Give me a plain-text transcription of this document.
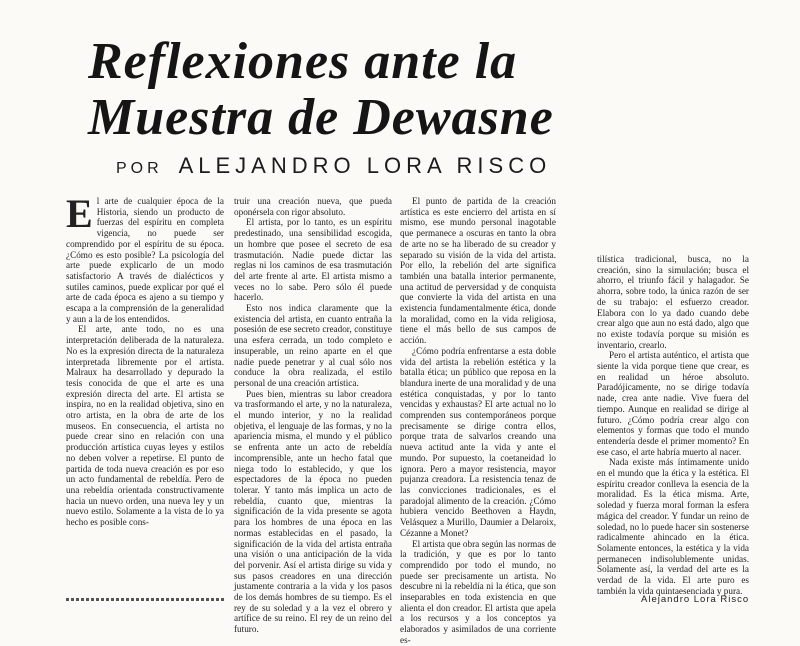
Reflexiones ante la
Muestra de Dewasne
POR ALEJANDRO LORA RISCO

El arte de cualquier época de la Historia, siendo un producto de fuerzas del espíritu en completa vigencia, no puede ser comprendido por el espíritu de su época. ¿Cómo es esto posible? La psicología del arte puede explicarlo de un modo satisfactorio A través de dialécticos y sutiles caminos, puede explicar por qué el arte de cada época es ajeno a su tiempo y escapa a la comprensión de la generalidad y aun a la de los entendidos.

El arte, ante todo, no es una interpretación deliberada de la naturaleza. No es la expresión directa de la naturaleza interpretada libremente por el artista. Malraux ha desarrollado y depurado la tesis conocida de que el arte es una expresión directa del arte. El artista se inspira, no en la realidad objetiva, sino en otro artista, en la obra de arte de los museos. En consecuencia, el artista no puede crear sino en relación con una producción artística cuyas leyes y estilos no deben volver a repetirse. El punto de partida de toda nueva creación es por eso un acto fundamental de rebeldía. Pero de una rebeldía orientada constructivamente hacia un nuevo orden, una nueva ley y un nuevo estilo. Solamente a la vista de lo ya hecho es posible cons-

truir una creación nueva, que pueda oponérsela con rigor absoluto.

El artista, por lo tanto, es un espíritu predestinado, una sensibilidad escogida, un hombre que posee el secreto de esa trasmutación. Nadie puede dictar las reglas ni los caminos de esa trasmutación del arte frente al arte. El artista mismo a veces no lo sabe. Pero sólo él puede hacerlo.

Esto nos indica claramente que la existencia del artista, en cuanto entraña la posesión de ese secreto creador, constituye una esfera cerrada, un todo completo e insuperable, un reino aparte en el que nadie puede penetrar y al cual sólo nos conduce la obra realizada, el estilo personal de una creación artística.

Pues bien, mientras su labor creadora va trasformando el arte, y no la naturaleza, el mundo interior, y no la realidad objetiva, el lenguaje de las formas, y no la apariencia misma, el mundo y el público se enfrenta ante un acto de rebeldía incomprensible, ante un hecho fatal que niega todo lo establecido, y que los espectadores de la época no pueden tolerar. Y tanto más implica un acto de rebeldía, cuanto que, mientras la significación de la vida presente se agota para los hombres de una época en las normas establecidas en el pasado, la significación de la vida del artista entraña una visión o una anticipación de la vida del porvenir. Así el artista dirige su vida y sus pasos creadores en una dirección justamente contraria a la vida y los pasos de los demás hombres de su tiempo. Es el rey de su soledad y a la vez el obrero y artífice de su reino. El rey de un reino del futuro.

El punto de partida de la creación artística es este encierro del artista en sí mismo, ese mundo personal inagotable que permanece a oscuras en tanto la obra de arte no se ha liberado de su creador y separado su visión de la vida del artista. Por ello, la rebelión del arte significa también una batalla interior permanente, una actitud de perversidad y de conquista que convierte la vida del artista en una existencia fundamentalmente ética, donde la moralidad, como en la vida religiosa, tiene el más bello de sus campos de acción.

¿Cómo podría enfrentarse a esta doble vida del artista la rebelión estética y la batalla ética; un público que reposa en la blandura inerte de una moralidad y de una estética conquistadas, y por lo tanto vencidas y exhaustas? El arte actual no lo comprenden sus contemporáneos porque precisamente se dirige contra ellos, porque trata de salvarlos creando una nueva actitud ante la vida y ante el mundo. Por supuesto, la coetaneidad lo ignora. Pero a mayor resistencia, mayor pujanza creadora. La resistencia tenaz de las convicciones tradicionales, es el paradojal alimento de la creación. ¿Cómo hubiera vencido Beethoven a Haydn, Velásquez a Murillo, Daumier a Delaroix, Cézanne a Monet?

El artista que obra según las normas de la tradición, y que es por lo tanto comprendido por todo el mundo, no puede ser precisamente un artista. No descubre ni la rebeldía ni la ética, que son inseparables en toda existencia en que alienta el don creador. El artista que apela a los recursos y a los conceptos ya elaborados y asimilados de una corriente es-

tilística tradicional, busca, no la creación, sino la simulación; busca el ahorro, el triunfo fácil y halagador. Se ahorra, sobre todo, la única razón de ser de su trabajo: el esfuerzo creador. Elabora con lo ya dado cuando debe crear algo que aun no está dado, algo que no existe todavía porque su misión es inventario, crearlo.

Pero el artista auténtico, el artista que siente la vida porque tiene que crear, es en realidad un héroe absoluto. Paradójicamente, no se dirige todavía nade, crea ante nadie. Vive fuera del tiempo. Aunque en realidad se dirige al futuro. ¿Cómo podría crear algo con elementos y formas que todo el mundo entendería desde el primer momento? En ese caso, el arte habría muerto al nacer.

Nada existe más íntimamente unido en el mundo que la ética y la estética. El espíritu creador conlleva la esencia de la moralidad. Es la ética misma. Arte, soledad y fuerza moral forman la esfera mágica del creador. Y fundar un reino de soledad, no lo puede hacer sin sostenerse radicalmente ahincado en la ética. Solamente entonces, la estética y la vida permanecen indisolublemente unidas. Solamente así, la verdad del arte es la verdad de la vida. El arte puro es también la vida quintaesenciada y pura.

Alejandro Lora Risco
